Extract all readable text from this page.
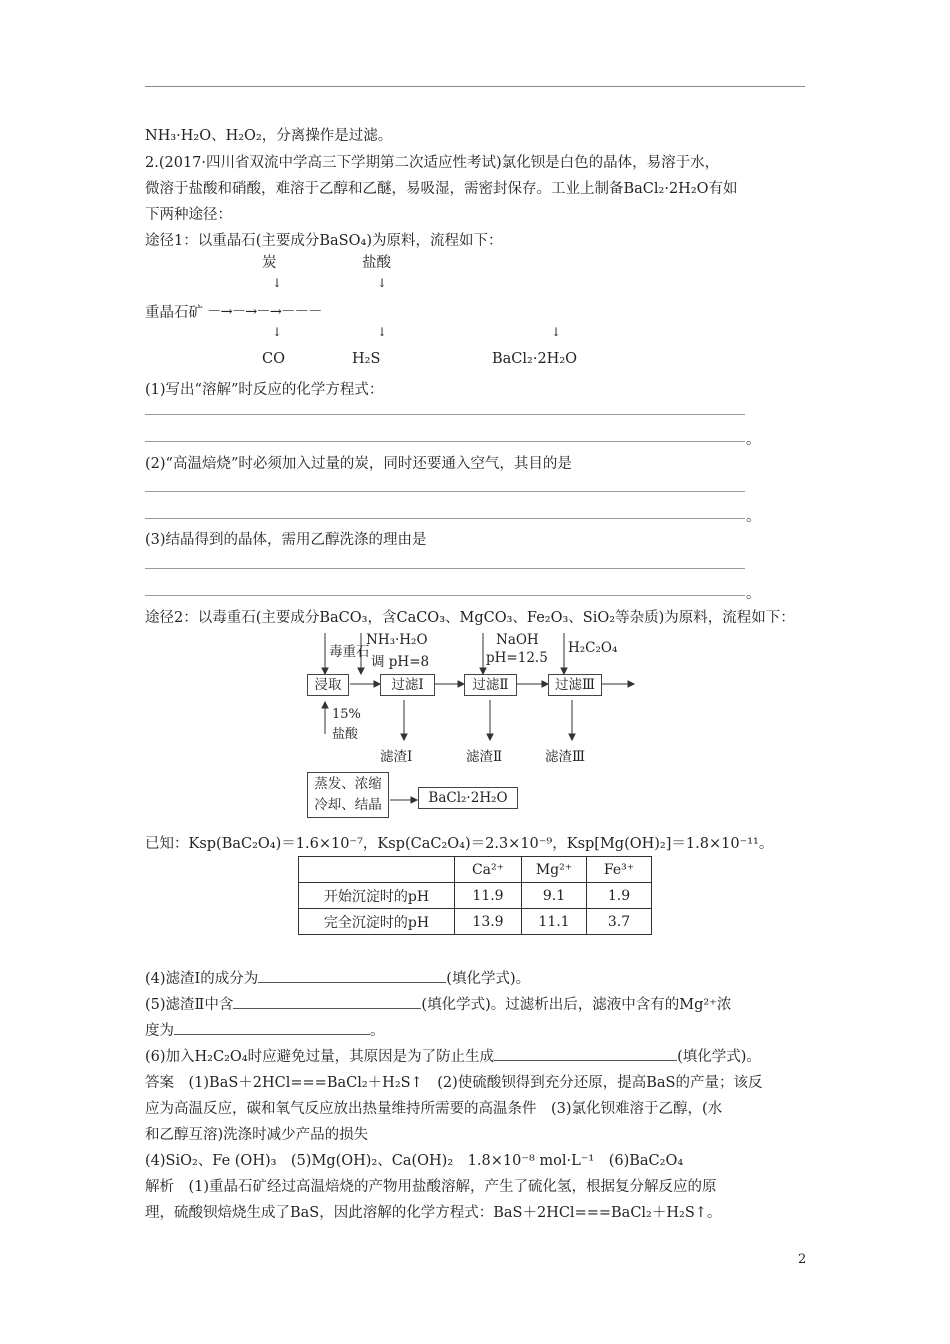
NH₃·H₂O、H₂O₂，分离操作是过滤。
2.(2017·四川省双流中学高三下学期第二次适应性考试)氯化钡是白色的晶体，易溶于水，
微溶于盐酸和硝酸，难溶于乙醇和乙醚，易吸湿，需密封保存。工业上制备BaCl₂·2H₂O有如
下两种途径：
途径1：以重晶石(主要成分BaSO₄)为原料，流程如下：
炭	盐酸
↓	↓
重晶石矿 －→－→－→－－－
↓	↓	↓
CO	H₂S	BaCl₂·2H₂O
(1)写出“溶解”时反应的化学方程式：
。
(2)“高温焙烧”时必须加入过量的炭，同时还要通入空气，其目的是
。
(3)结晶得到的晶体，需用乙醇洗涤的理由是
。
途径2：以毒重石(主要成分BaCO₃，含CaCO₃、MgCO₃、Fe₂O₃、SiO₂等杂质)为原料，流程如下：
毒重石
NH₃·H₂O
调 pH=8
NaOH
pH=12.5
H₂C₂O₄
浸取	过滤Ⅰ	过滤Ⅱ	过滤Ⅲ
15%
盐酸
滤渣Ⅰ	滤渣Ⅱ	滤渣Ⅲ
蒸发、浓缩
冷却、结晶	BaCl₂·2H₂O
已知：Ksp(BaC₂O₄)＝1.6×10⁻⁷，Ksp(CaC₂O₄)＝2.3×10⁻⁹，Ksp[Mg(OH)₂]＝1.8×10⁻¹¹。
	Ca²⁺	Mg²⁺	Fe³⁺
开始沉淀时的pH	11.9	9.1	1.9
完全沉淀时的pH	13.9	11.1	3.7
(4)滤渣Ⅰ的成分为	(填化学式)。
(5)滤渣Ⅱ中含	(填化学式)。过滤析出后，滤液中含有的Mg²⁺浓
度为	。
(6)加入H₂C₂O₄时应避免过量，其原因是为了防止生成	(填化学式)。
答案　(1)BaS＋2HCl===BaCl₂＋H₂S↑　(2)使硫酸钡得到充分还原，提高BaS的产量；该反
应为高温反应，碳和氧气反应放出热量维持所需要的高温条件　(3)氯化钡难溶于乙醇，(水
和乙醇互溶)洗涤时减少产品的损失
(4)SiO₂、Fe (OH)₃　(5)Mg(OH)₂、Ca(OH)₂　1.8×10⁻⁸ mol·L⁻¹　(6)BaC₂O₄
解析　(1)重晶石矿经过高温焙烧的产物用盐酸溶解，产生了硫化氢，根据复分解反应的原
理，硫酸钡焙烧生成了BaS，因此溶解的化学方程式：BaS＋2HCl===BaCl₂＋H₂S↑。
2
